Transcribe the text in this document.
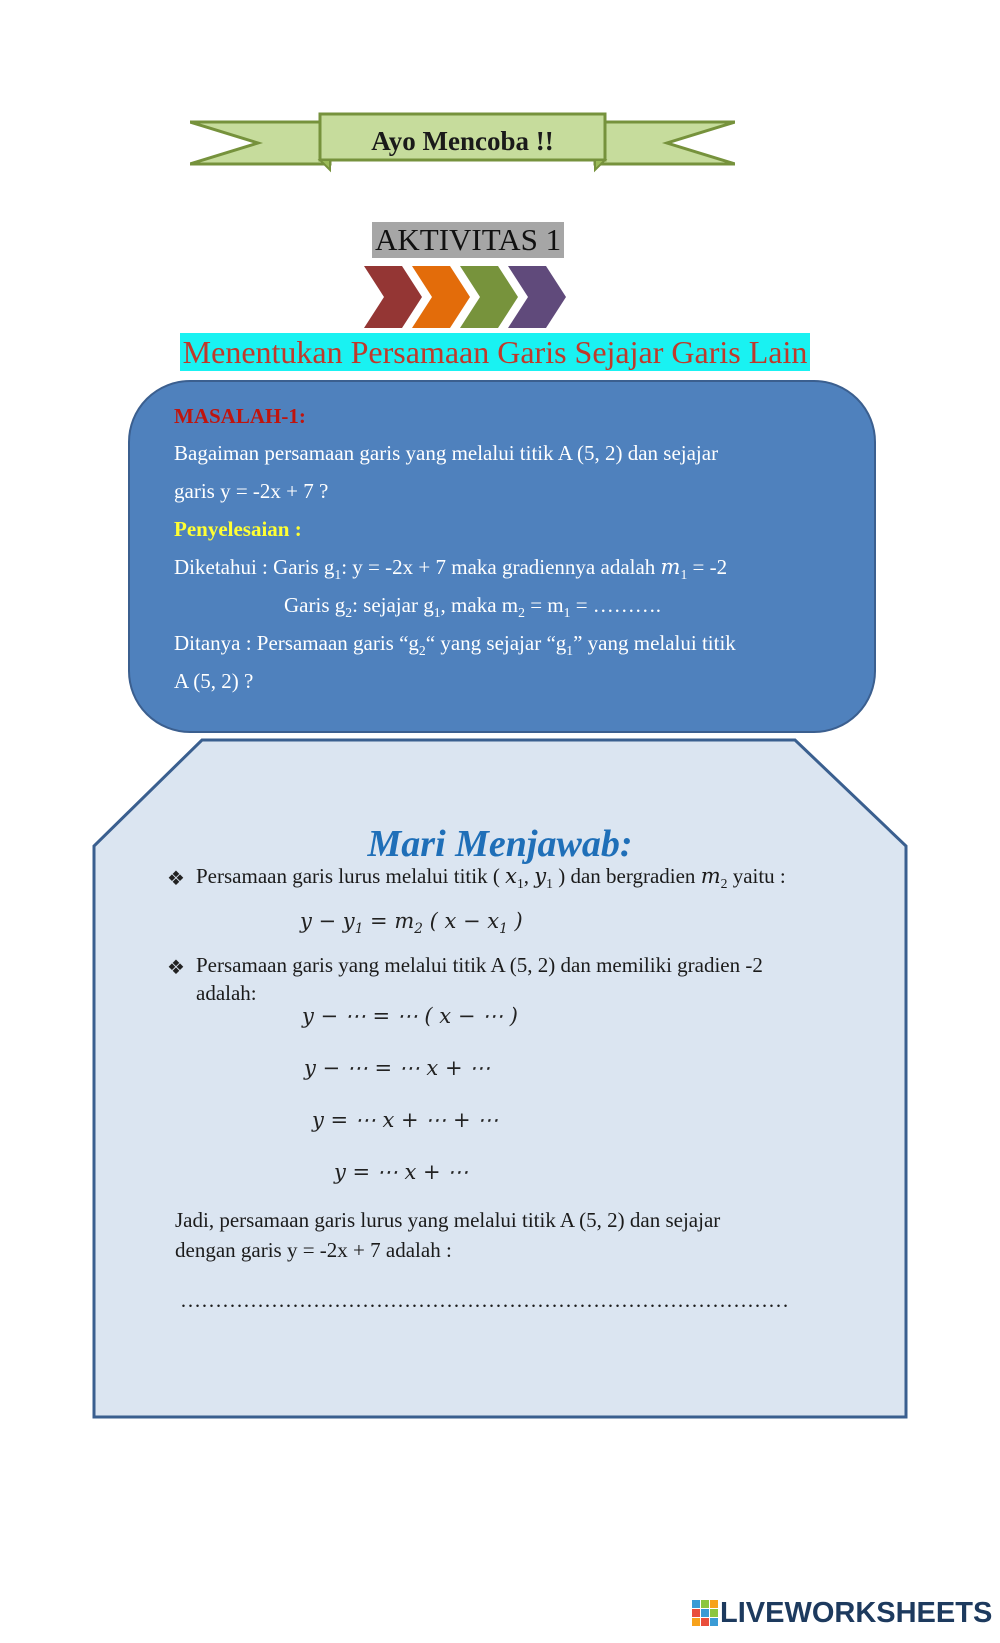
Ayo Mencoba !!
AKTIVITAS 1
Menentukan Persamaan Garis Sejajar Garis Lain
MASALAH-1:
Bagaiman persamaan garis yang melalui titik A (5, 2) dan sejajar
garis y = -2x + 7 ?
Penyelesaian :
Diketahui : Garis $g_1$: y = -2x + 7 maka gradiennya adalah $m_1 = -2$
Garis $g_2$: sejajar $g_1$, maka $m_2 = m_1$ = ……….
Ditanya : Persamaan garis “$g_2“$ yang sejajar “$g_1$” yang melalui titik
A (5, 2) ?
Mari Menjawab:
❖ Persamaan garis lurus melalui titik ( $x_1$, $y_1$ ) dan bergradien $m_2$ yaitu :
$y - y_1 = m_2$ ( $x - x_1$ )
❖ Persamaan garis yang melalui titik A (5, 2) dan memiliki gradien -2
adalah:
y − ⋯ = ⋯ ( x − ⋯ )
y − ⋯ = ⋯ x + ⋯
y = ⋯ x + ⋯ + ⋯
y = ⋯ x + ⋯
Jadi, persamaan garis lurus yang melalui titik A (5, 2) dan sejajar
dengan garis y = -2x + 7 adalah :
……………………………………………………………………………
LIVEWORKSHEETS
